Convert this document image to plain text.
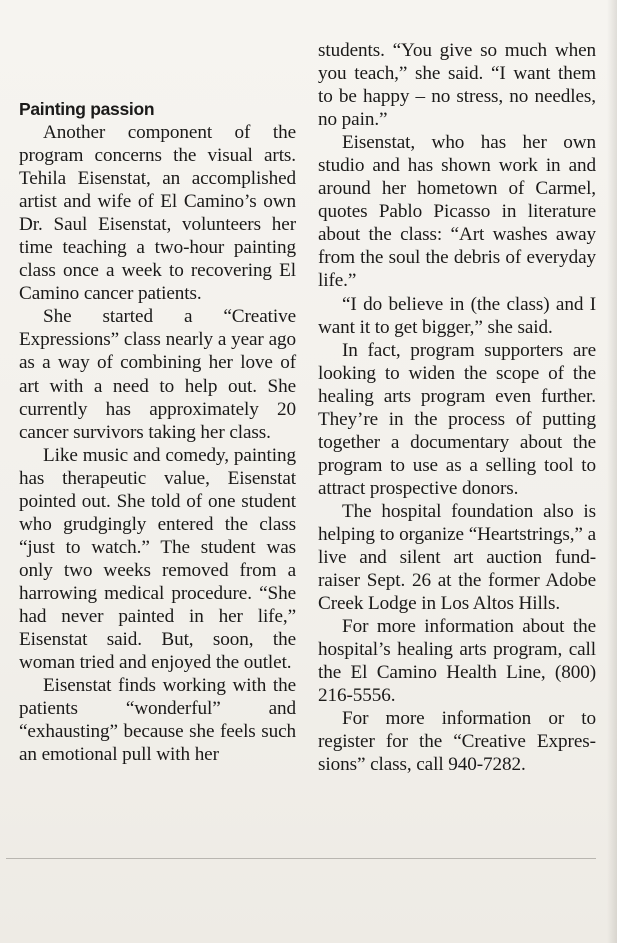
Painting passion

Another component of the program concerns the visual arts. Tehila Eisenstat, an accomplished artist and wife of El Camino’s own Dr. Saul Eisenstat, volunteers her time teaching a two-hour painting class once a week to recovering El Camino cancer patients.

She started a “Creative Expressions” class nearly a year ago as a way of combining her love of art with a need to help out. She currently has approximately 20 cancer survivors taking her class.

Like music and comedy, painting has therapeutic value, Eisenstat pointed out. She told of one student who grudgingly entered the class “just to watch.” The student was only two weeks removed from a harrowing medical procedure. “She had never painted in her life,” Eisenstat said. But, soon, the woman tried and enjoyed the outlet.

Eisenstat finds working with the patients “wonderful” and “exhausting” because she feels such an emotional pull with her

students. “You give so much when you teach,” she said. “I want them to be happy – no stress, no needles, no pain.”

Eisenstat, who has her own studio and has shown work in and around her hometown of Carmel, quotes Pablo Picasso in literature about the class: “Art washes away from the soul the debris of everyday life.”

“I do believe in (the class) and I want it to get bigger,” she said.

In fact, program supporters are looking to widen the scope of the healing arts program even further. They’re in the process of putting together a documentary about the program to use as a selling tool to attract prospective donors.

The hospital foundation also is helping to organize “Heartstrings,” a live and silent art auction fund-raiser Sept. 26 at the former Adobe Creek Lodge in Los Altos Hills.

For more information about the hospital’s healing arts program, call the El Camino Health Line, (800) 216-5556.

For more information or to register for the “Creative Expressions” class, call 940-7282.
